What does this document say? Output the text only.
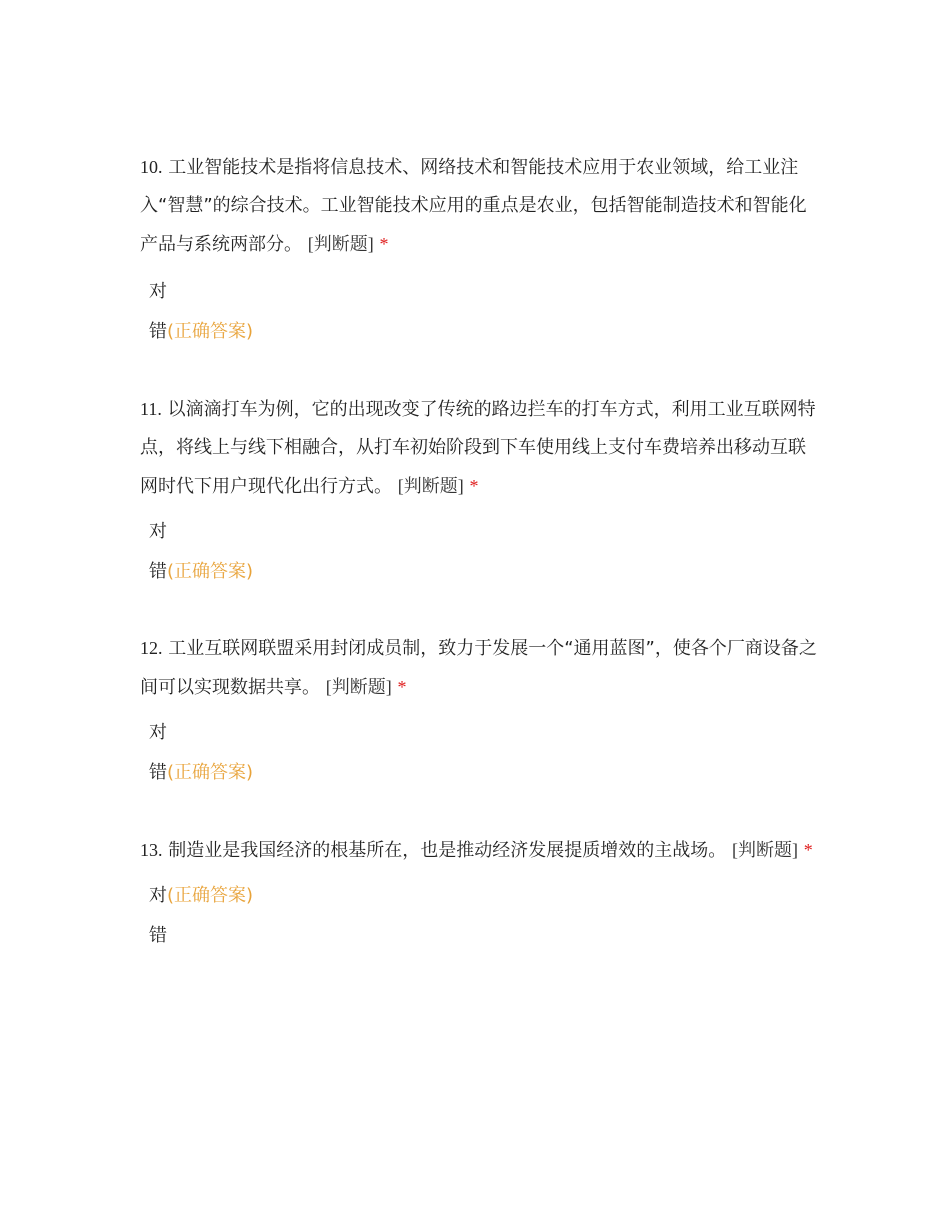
10. 工业智能技术是指将信息技术、网络技术和智能技术应用于农业领域，给工业注入“智慧”的综合技术。工业智能技术应用的重点是农业，包括智能制造技术和智能化产品与系统两部分。 [判断题] *

对
错(正确答案)

11. 以滴滴打车为例，它的出现改变了传统的路边拦车的打车方式，利用工业互联网特点，将线上与线下相融合，从打车初始阶段到下车使用线上支付车费培养出移动互联网时代下用户现代化出行方式。 [判断题] *

对
错(正确答案)

12. 工业互联网联盟采用封闭成员制，致力于发展一个“通用蓝图”，使各个厂商设备之间可以实现数据共享。 [判断题] *

对
错(正确答案)

13. 制造业是我国经济的根基所在，也是推动经济发展提质增效的主战场。 [判断题] *

对(正确答案)
错
